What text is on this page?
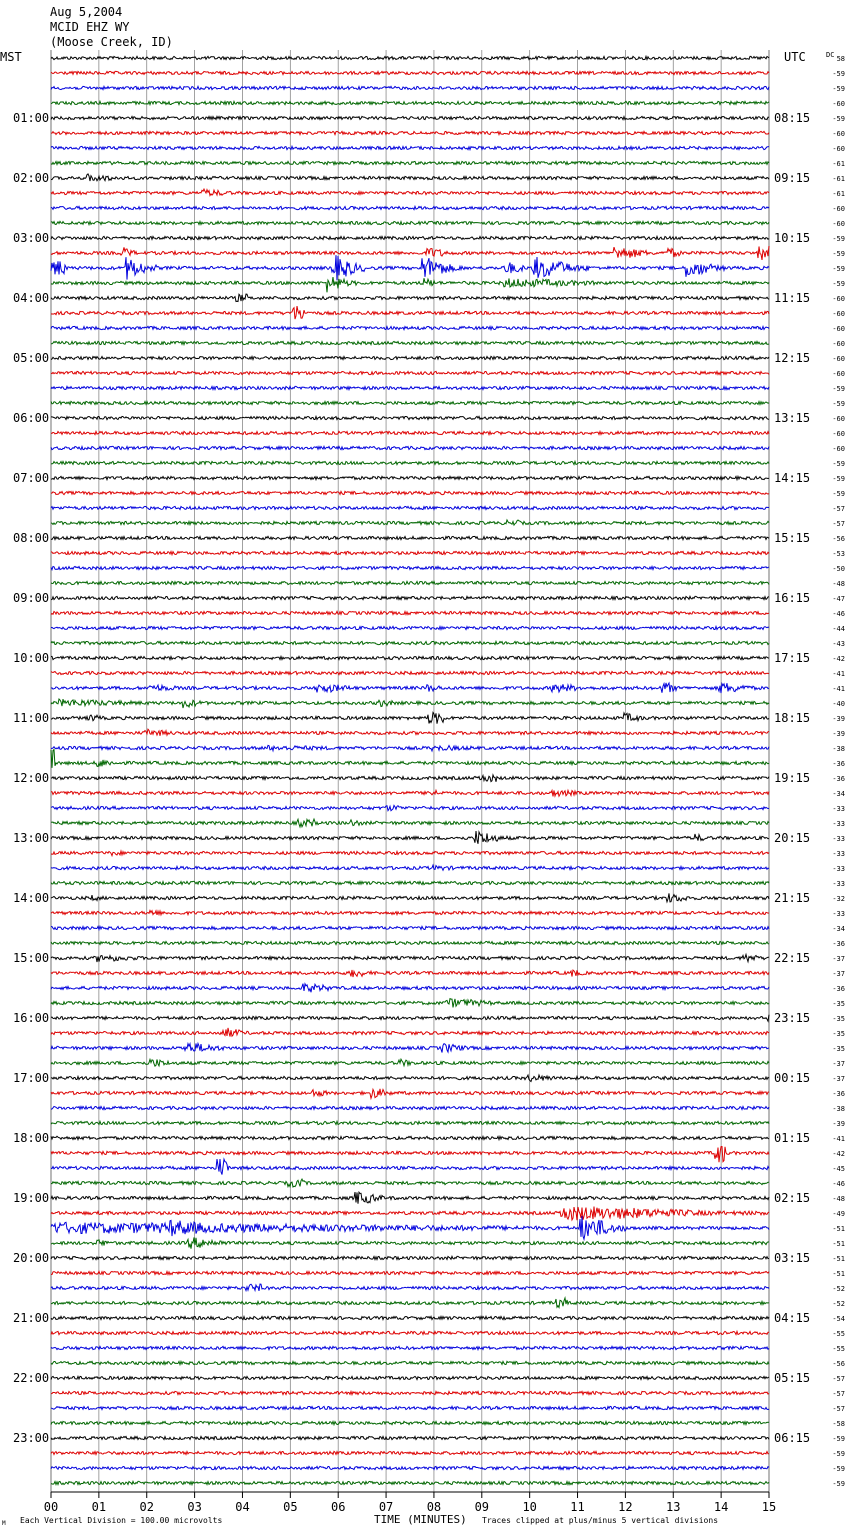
Aug 5,2004
MCID EHZ WY
(Moose Creek, ID)
MST	UTC	DC
01:00
02:00
03:00
04:00
05:00
06:00
07:00
08:00
09:00
10:00
11:00
12:00
13:00
14:00
15:00
16:00
17:00
18:00
19:00
20:00
21:00
22:00
23:00
08:15
09:15
10:15
11:15
12:15
13:15
14:15
15:15
16:15
17:15
18:15
19:15
20:15
21:15
22:15
23:15
00:15
01:15
02:15
03:15
04:15
05:15
06:15
58
-59
-59
-60
-59
-60
-60
-61
-61
-61
-60
-60
-59
-59
-59
-59
-60
-60
-60
-60
-60
-60
-59
-59
-60
-60
-60
-59
-59
-59
-57
-57
-56
-53
-50
-48
-47
-46
-44
-43
-42
-41
-41
-40
-39
-39
-38
-36
-36
-34
-33
-33
-33
-33
-33
-33
-32
-33
-34
-36
-37
-37
-36
-35
-35
-35
-35
-37
-37
-36
-38
-39
-41
-42
-45
-46
-48
-49
-51
-51
-51
-51
-52
-52
-54
-55
-55
-56
-57
-57
-57
-58
-59
-59
-59
-59
00	01	02	03	04	05	06	07	08	09	10	11	12	13	14	15
M Each Vertical Division = 100.00 microvolts	TIME (MINUTES) Traces clipped at plus/minus 5 vertical divisions
